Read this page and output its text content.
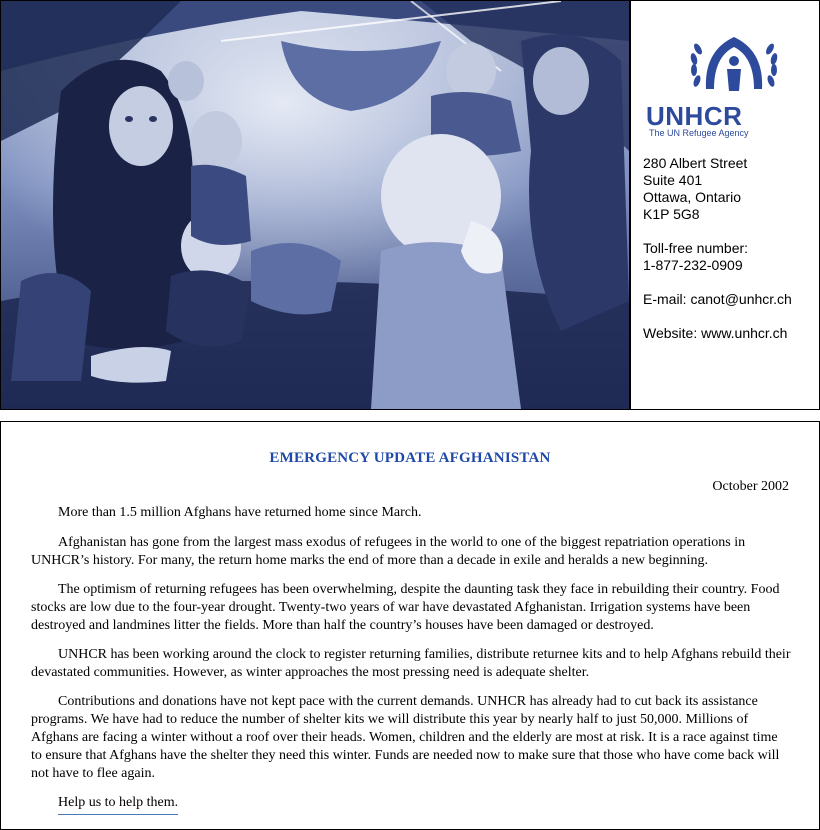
UNHCR
The UN Refugee Agency
280 Albert Street
Suite 401
Ottawa, Ontario
K1P 5G8
Toll-free number:
1-877-232-0909
E-mail: canot@unhcr.ch
Website: www.unhcr.ch
EMERGENCY UPDATE AFGHANISTAN
October 2002

More than 1.5 million Afghans have returned home since March.

Afghanistan has gone from the largest mass exodus of refugees in the world to one of the biggest repatriation operations in UNHCR’s history. For many, the return home marks the end of more than a decade in exile and heralds a new beginning.

The optimism of returning refugees has been overwhelming, despite the daunting task they face in rebuilding their country. Food stocks are low due to the four-year drought. Twenty-two years of war have devastated Afghanistan. Irrigation systems have been destroyed and landmines litter the fields. More than half the country’s houses have been damaged or destroyed.

UNHCR has been working around the clock to register returning families, distribute returnee kits and to help Afghans rebuild their devastated communities. However, as winter approaches the most pressing need is adequate shelter.

Contributions and donations have not kept pace with the current demands. UNHCR has already had to cut back its assistance programs. We have had to reduce the number of shelter kits we will distribute this year by nearly half to just 50,000. Millions of Afghans are facing a winter without a roof over their heads. Women, children and the elderly are most at risk. It is a race against time to ensure that Afghans have the shelter they need this winter. Funds are needed now to make sure that those who have come back will not have to flee again.

Help us to help them.
